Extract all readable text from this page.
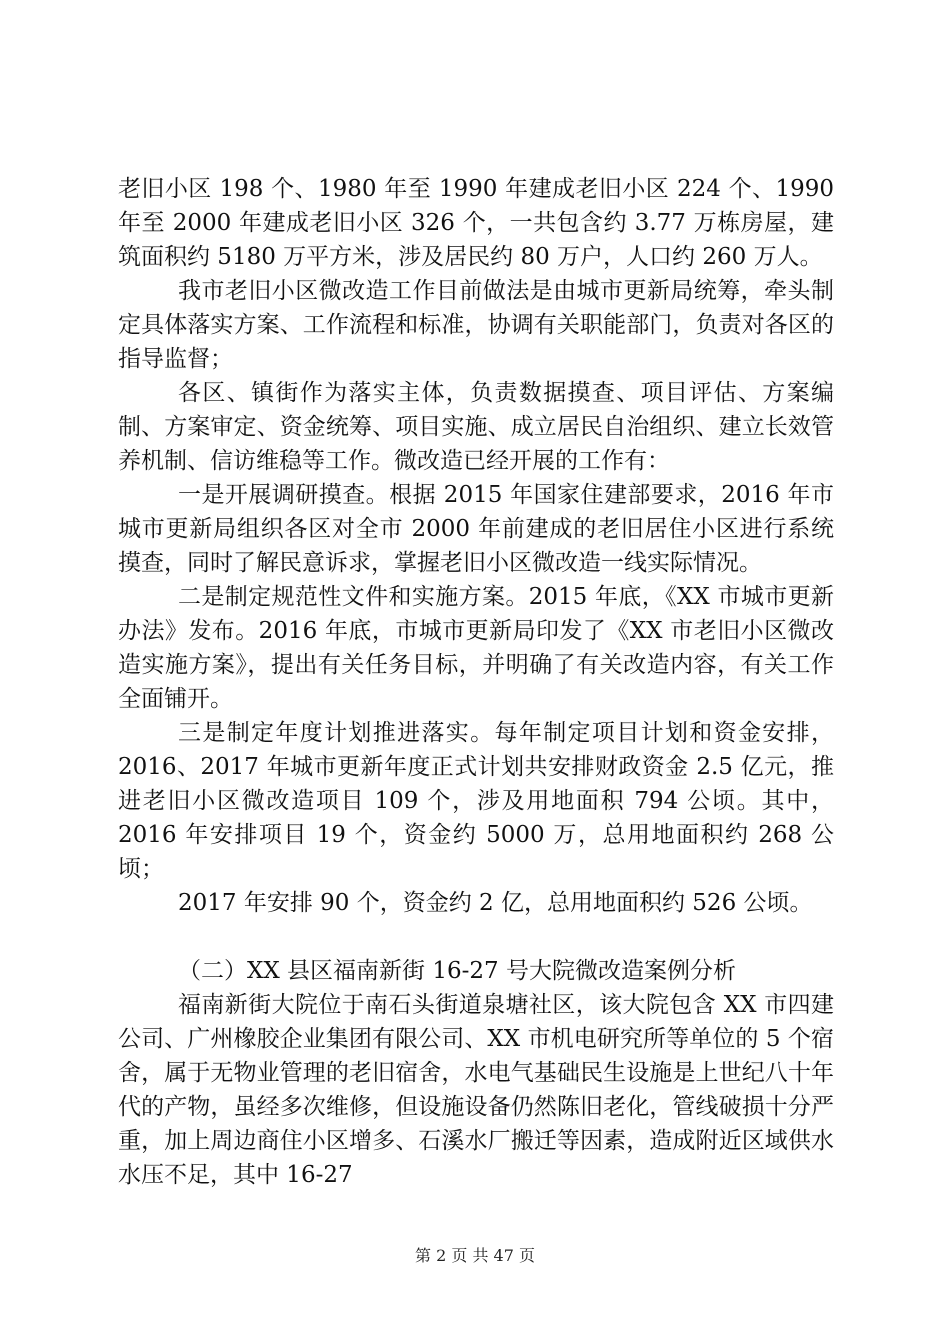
老旧小区 198 个、1980 年至 1990 年建成老旧小区 224 个、1990 年至 2000 年建成老旧小区 326 个，一共包含约 3.77 万栋房屋，建筑面积约 5180 万平方米，涉及居民约 80 万户，人口约 260 万人。

我市老旧小区微改造工作目前做法是由城市更新局统筹，牵头制定具体落实方案、工作流程和标准，协调有关职能部门，负责对各区的指导监督；

各区、镇街作为落实主体，负责数据摸查、项目评估、方案编制、方案审定、资金统筹、项目实施、成立居民自治组织、建立长效管养机制、信访维稳等工作。微改造已经开展的工作有：

一是开展调研摸查。根据 2015 年国家住建部要求，2016 年市城市更新局组织各区对全市 2000 年前建成的老旧居住小区进行系统摸查，同时了解民意诉求，掌握老旧小区微改造一线实际情况。

二是制定规范性文件和实施方案。2015 年底，《XX 市城市更新办法》发布。2016 年底，市城市更新局印发了《XX 市老旧小区微改造实施方案》，提出有关任务目标，并明确了有关改造内容，有关工作全面铺开。

三是制定年度计划推进落实。每年制定项目计划和资金安排，2016、2017 年城市更新年度正式计划共安排财政资金 2.5 亿元，推进老旧小区微改造项目 109 个，涉及用地面积 794 公顷。其中，2016 年安排项目 19 个，资金约 5000 万，总用地面积约 268 公顷；

2017 年安排 90 个，资金约 2 亿，总用地面积约 526 公顷。

（二）XX 县区福南新街 16-27 号大院微改造案例分析

福南新街大院位于南石头街道泉塘社区，该大院包含 XX 市四建公司、广州橡胶企业集团有限公司、XX 市机电研究所等单位的 5 个宿舍，属于无物业管理的老旧宿舍，水电气基础民生设施是上世纪八十年代的产物，虽经多次维修，但设施设备仍然陈旧老化，管线破损十分严重，加上周边商住小区增多、石溪水厂搬迁等因素，造成附近区域供水水压不足，其中 16-27

第 2 页 共 47 页
